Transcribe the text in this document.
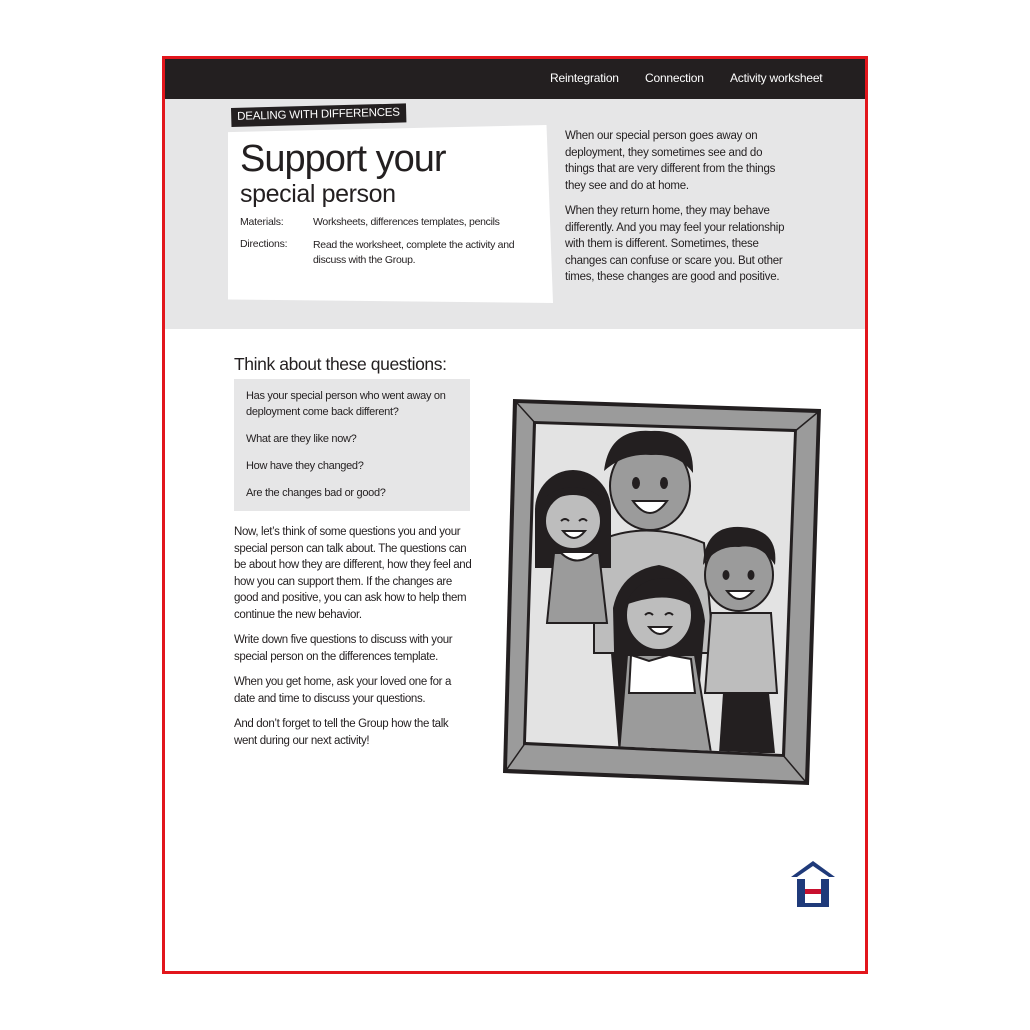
Reintegration Connection Activity worksheet
DEALING WITH DIFFERENCES
Support your
special person
Materials:	Worksheets, differences templates, pencils
Directions: Read the worksheet, complete the activity and discuss with the Group.

When our special person goes away on deployment, they sometimes see and do things that are very different from the things they see and do at home.

When they return home, they may behave differently. And you may feel your relationship with them is different. Sometimes, these changes can confuse or scare you. But other times, these changes are good and positive.

Think about these questions:
Has your special person who went away on deployment come back different?
What are they like now?
How have they changed?
Are the changes bad or good?

Now, let’s think of some questions you and your special person can talk about. The questions can be about how they are different, how they feel and how you can support them. If the changes are good and positive, you can ask how to help them continue the new behavior.

Write down five questions to discuss with your special person on the differences template.

When you get home, ask your loved one for a date and time to discuss your questions.

And don’t forget to tell the Group how the talk went during our next activity!
